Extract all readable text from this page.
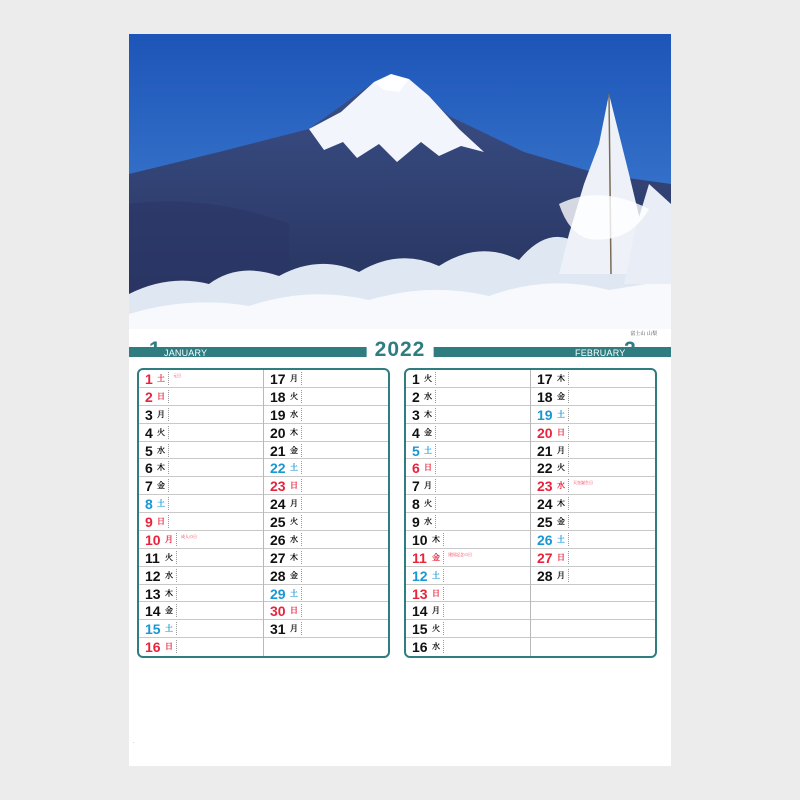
富士山 山梨
1 JANUARY	2022	FEBRUARY
2
1 土 元日
2 日
3 月
4 火
5 水
6 木
7 金
8 土
9 日
10 月 成人の日
11 火
12 水
13 木
14 金
15 土
16 日
17 月
18 火
19 水
20 木
21 金
22 土
23 日
24 月
25 火
26 水
27 木
28 金
29 土
30 日
31 月
1 火
2 水
3 木
4 金
5 土
6 日
7 月
8 火
9 水
10 木
11 金 建国記念の日
12 土
13 日
14 月
15 火
16 水
17 木
18 金
19 土
20 日
21 月
22 火
23 水 天皇誕生日
24 木
25 金
26 土
27 日
28 月
·
